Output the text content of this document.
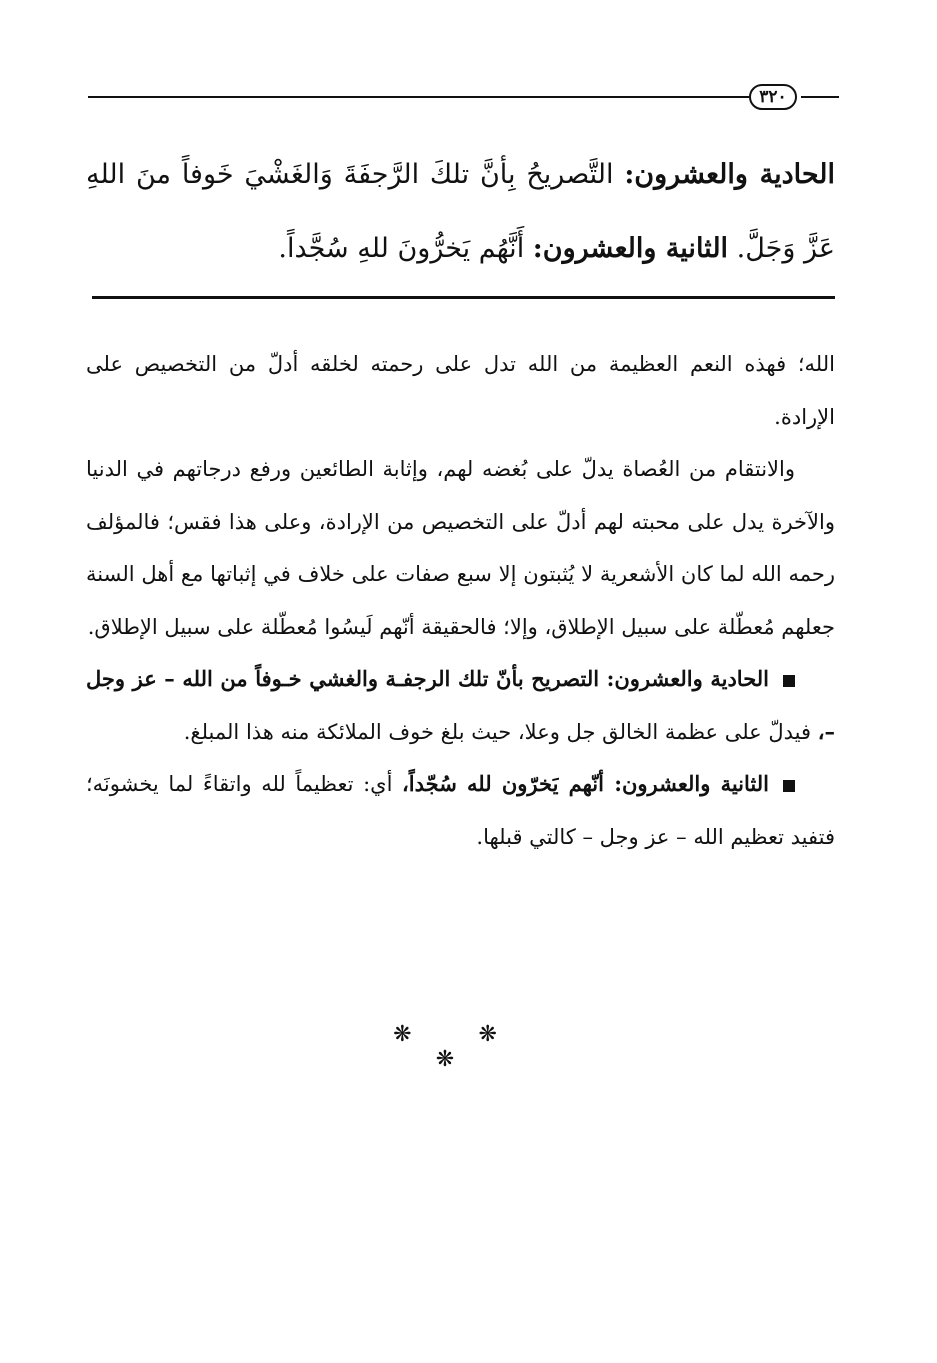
٣٢٠
الحادية والعشرون: التَّصريحُ بِأنَّ تلكَ الرَّجفَةَ وَالغَشْيَ خَوفاً منَ اللهِ عَزَّ وَجَلَّ. الثانية والعشرون: أَنَّهُم يَخرُّونَ للهِ سُجَّداً.

الله؛ فهذه النعم العظيمة من الله تدل على رحمته لخلقه أدلّ من التخصيص على الإرادة.

والانتقام من العُصاة يدلّ على بُغضه لهم، وإثابة الطائعين ورفع درجاتهم في الدنيا والآخرة يدل على محبته لهم أدلّ على التخصيص من الإرادة، وعلى هذا فقس؛ فالمؤلف رحمه الله لما كان الأشعرية لا يُثبتون إلا سبع صفات على خلاف في إثباتها مع أهل السنة جعلهم مُعطّلة على سبيل الإطلاق، وإلا؛ فالحقيقة أنّهم لَيسُوا مُعطّلة على سبيل الإطلاق.

الحادية والعشرون: التصريح بأنّ تلك الرجفـة والغشي خـوفاً من الله – عز وجل –، فيدلّ على عظمة الخالق جل وعلا، حيث بلغ خوف الملائكة منه هذا المبلغ.

الثانية والعشرون: أنّهم يَخرّون لله سُجّداً، أي: تعظيماً لله واتقاءً لما يخشونَه؛ فتفيد تعظيم الله – عز وجل – كالتي قبلها.

❋ ❋ ❋
